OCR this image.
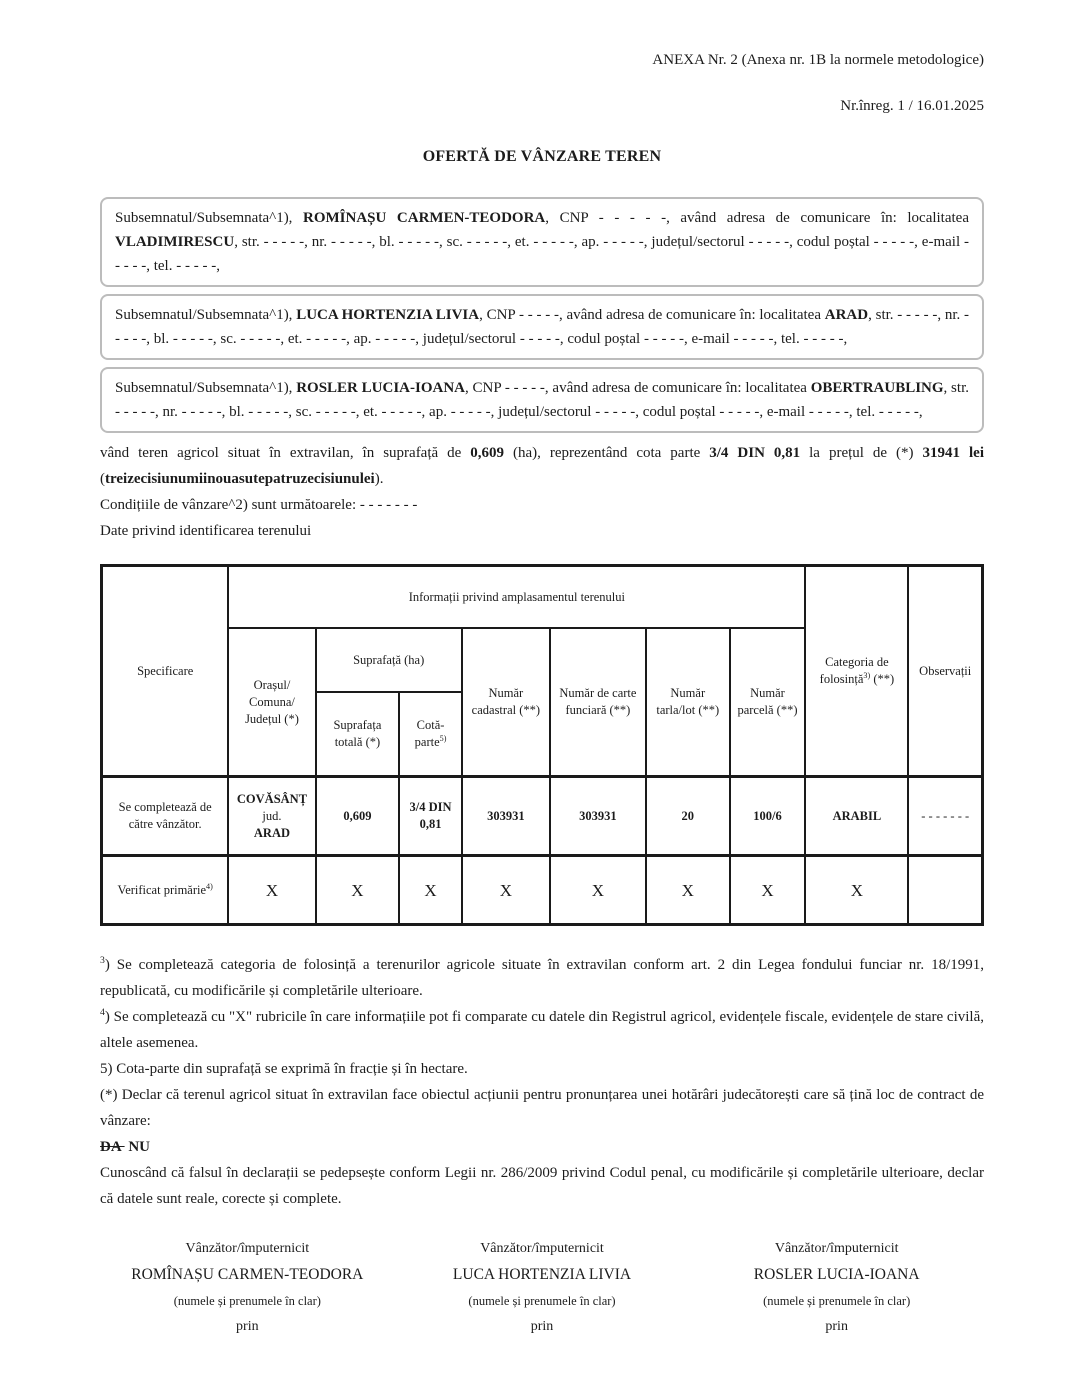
ANEXA Nr. 2 (Anexa nr. 1B la normele metodologice)
Nr.înreg. 1 / 16.01.2025
OFERTĂ DE VÂNZARE TEREN
Subsemnatul/Subsemnata^1), ROMÎNAȘU CARMEN-TEODORA, CNP - - - - -, având adresa de comunicare în: localitatea VLADIMIRESCU, str. - - - - -, nr. - - - - -, bl. - - - - -, sc. - - - - -, et. - - - - -, ap. - - - - -, județul/sectorul - - - - -, codul poștal - - - - -, e-mail - - - - -, tel. - - - - -,
Subsemnatul/Subsemnata^1), LUCA HORTENZIA LIVIA, CNP - - - - -, având adresa de comunicare în: localitatea ARAD, str. - - - - -, nr. - - - - -, bl. - - - - -, sc. - - - - -, et. - - - - -, ap. - - - - -, județul/sectorul - - - - -, codul poștal - - - - -, e-mail - - - - -, tel. - - - - -,
Subsemnatul/Subsemnata^1), ROSLER LUCIA-IOANA, CNP - - - - -, având adresa de comunicare în: localitatea OBERTRAUBLING, str. - - - - -, nr. - - - - -, bl. - - - - -, sc. - - - - -, et. - - - - -, ap. - - - - -, județul/sectorul - - - - -, codul poștal - - - - -, e-mail - - - - -, tel. - - - - -,
vând teren agricol situat în extravilan, în suprafață de 0,609 (ha), reprezentând cota parte 3/4 DIN 0,81 la prețul de (*) 31941 lei (treizecisiunumiinouasutepatruzecisiunulei).
Condițiile de vânzare^2) sunt următoarele: - - - - - - -
Date privind identificarea terenului
Specificare	Informații privind amplasamentul terenului							Categoria de folosință$^{3)}$ (**)	Observații

	Orașul/
Comuna/
Județul (*)	Suprafață (ha)		Număr cadastral (**)	Număr de carte funciară (**)	Număr tarla/lot (**)	Număr parcelă (**)		
		Suprafața totală (*)	Cotă-parte$^{5)}$
Se completează de către vânzător.	COVĂSÂNȚ
jud.
ARAD	0,609	3/4 DIN 0,81	303931	303931	20	100/6	ARABIL	- - - - - - -
Verificat primărie$^{4)}$	X	X	X	X	X	X	X	X	
$^3$) Se completează categoria de folosință a terenurilor agricole situate în extravilan conform art. 2 din Legea fondului funciar nr. 18/1991, republicată, cu modificările și completările ulterioare.
$^4$) Se completează cu "X" rubricile în care informațiile pot fi comparate cu datele din Registrul agricol, evidențele fiscale, evidențele de stare civilă, altele asemenea.
5) Cota-parte din suprafață se exprimă în fracție și în hectare.
(*) Declar că terenul agricol situat în extravilan face obiectul acțiunii pentru pronunțarea unei hotărâri judecătorești care să țină loc de contract de vânzare:
DA  NU
Cunoscând că falsul în declarații se pedepsește conform Legii nr. 286/2009 privind Codul penal, cu modificările și completările ulterioare, declar că datele sunt reale, corecte și complete.
Vânzător/împuternicit
ROMÎNAȘU CARMEN-TEODORA
(numele și prenumele în clar)
prin
Vânzător/împuternicit
LUCA HORTENZIA LIVIA
(numele și prenumele în clar)
prin
Vânzător/împuternicit
ROSLER LUCIA-IOANA
(numele și prenumele în clar)
prin
